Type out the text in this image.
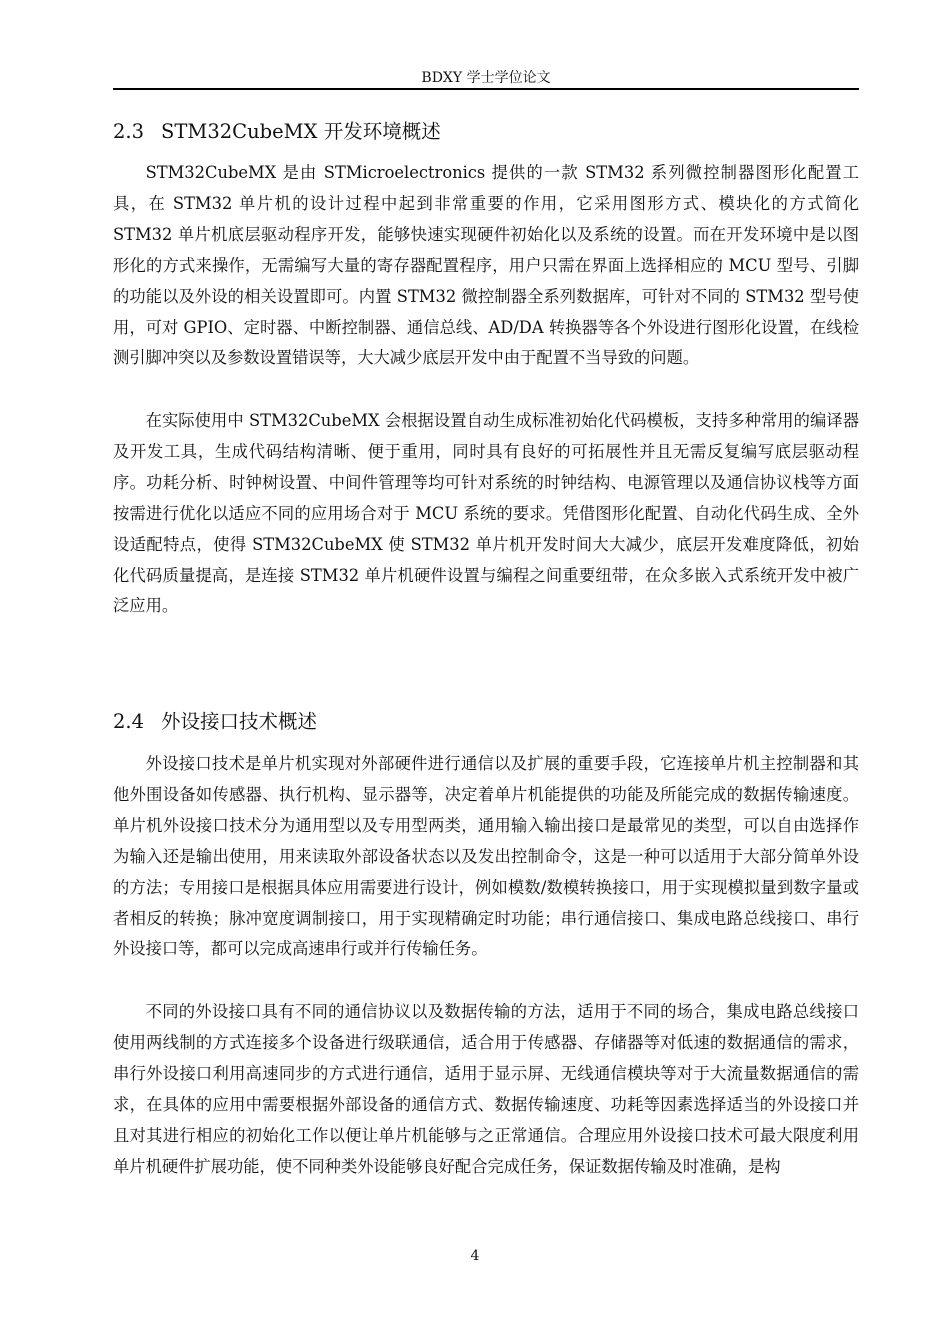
BDXY 学士学位论文
2.3 STM32CubeMX 开发环境概述

STM32CubeMX 是由 STMicroelectronics 提供的一款 STM32 系列微控制器图形化配置工具，在 STM32 单片机的设计过程中起到非常重要的作用，它采用图形方式、模块化的方式简化 STM32 单片机底层驱动程序开发，能够快速实现硬件初始化以及系统的设置。而在开发环境中是以图形化的方式来操作，无需编写大量的寄存器配置程序，用户只需在界面上选择相应的 MCU 型号、引脚的功能以及外设的相关设置即可。内置 STM32 微控制器全系列数据库，可针对不同的 STM32 型号使用，可对 GPIO、定时器、中断控制器、通信总线、AD/DA 转换器等各个外设进行图形化设置，在线检测引脚冲突以及参数设置错误等，大大减少底层开发中由于配置不当导致的问题。

在实际使用中 STM32CubeMX 会根据设置自动生成标准初始化代码模板，支持多种常用的编译器及开发工具，生成代码结构清晰、便于重用，同时具有良好的可拓展性并且无需反复编写底层驱动程序。功耗分析、时钟树设置、中间件管理等均可针对系统的时钟结构、电源管理以及通信协议栈等方面按需进行优化以适应不同的应用场合对于 MCU 系统的要求。凭借图形化配置、自动化代码生成、全外设适配特点，使得 STM32CubeMX 使 STM32 单片机开发时间大大减少，底层开发难度降低，初始化代码质量提高，是连接 STM32 单片机硬件设置与编程之间重要纽带，在众多嵌入式系统开发中被广泛应用。

2.4 外设接口技术概述

外设接口技术是单片机实现对外部硬件进行通信以及扩展的重要手段，它连接单片机主控制器和其他外围设备如传感器、执行机构、显示器等，决定着单片机能提供的功能及所能完成的数据传输速度。单片机外设接口技术分为通用型以及专用型两类，通用输入输出接口是最常见的类型，可以自由选择作为输入还是输出使用，用来读取外部设备状态以及发出控制命令，这是一种可以适用于大部分简单外设的方法；专用接口是根据具体应用需要进行设计，例如模数/数模转换接口，用于实现模拟量到数字量或者相反的转换；脉冲宽度调制接口，用于实现精确定时功能；串行通信接口、集成电路总线接口、串行外设接口等，都可以完成高速串行或并行传输任务。

不同的外设接口具有不同的通信协议以及数据传输的方法，适用于不同的场合，集成电路总线接口使用两线制的方式连接多个设备进行级联通信，适合用于传感器、存储器等对低速的数据通信的需求，串行外设接口利用高速同步的方式进行通信，适用于显示屏、无线通信模块等对于大流量数据通信的需求，在具体的应用中需要根据外部设备的通信方式、数据传输速度、功耗等因素选择适当的外设接口并且对其进行相应的初始化工作以便让单片机能够与之正常通信。合理应用外设接口技术可最大限度利用单片机硬件扩展功能，使不同种类外设能够良好配合完成任务，保证数据传输及时准确，是构

4
